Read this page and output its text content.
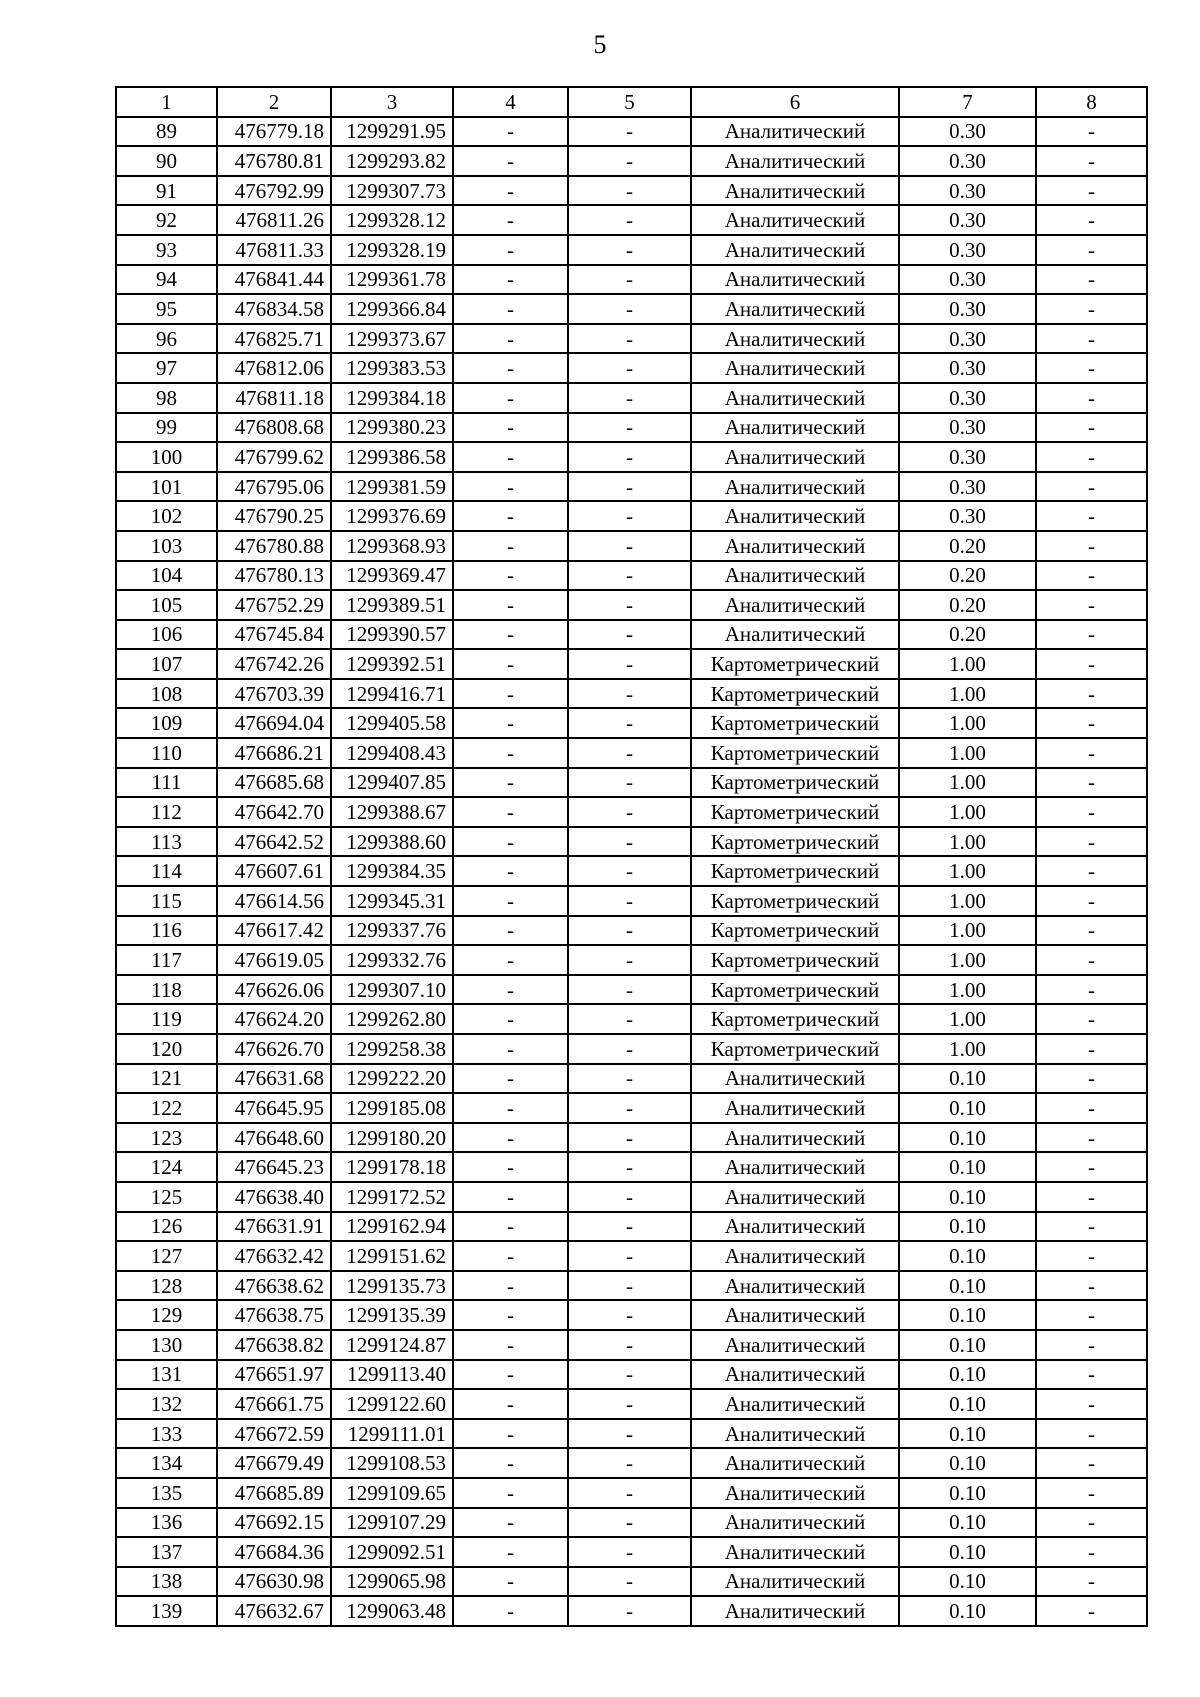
5
1	2	3	4	5	6	7	8
89	476779.18	1299291.95	-	-	Аналитический	0.30	-
90	476780.81	1299293.82	-	-	Аналитический	0.30	-
91	476792.99	1299307.73	-	-	Аналитический	0.30	-
92	476811.26	1299328.12	-	-	Аналитический	0.30	-
93	476811.33	1299328.19	-	-	Аналитический	0.30	-
94	476841.44	1299361.78	-	-	Аналитический	0.30	-
95	476834.58	1299366.84	-	-	Аналитический	0.30	-
96	476825.71	1299373.67	-	-	Аналитический	0.30	-
97	476812.06	1299383.53	-	-	Аналитический	0.30	-
98	476811.18	1299384.18	-	-	Аналитический	0.30	-
99	476808.68	1299380.23	-	-	Аналитический	0.30	-
100	476799.62	1299386.58	-	-	Аналитический	0.30	-
101	476795.06	1299381.59	-	-	Аналитический	0.30	-
102	476790.25	1299376.69	-	-	Аналитический	0.30	-
103	476780.88	1299368.93	-	-	Аналитический	0.20	-
104	476780.13	1299369.47	-	-	Аналитический	0.20	-
105	476752.29	1299389.51	-	-	Аналитический	0.20	-
106	476745.84	1299390.57	-	-	Аналитический	0.20	-
107	476742.26	1299392.51	-	-	Картометрический	1.00	-
108	476703.39	1299416.71	-	-	Картометрический	1.00	-
109	476694.04	1299405.58	-	-	Картометрический	1.00	-
110	476686.21	1299408.43	-	-	Картометрический	1.00	-
111	476685.68	1299407.85	-	-	Картометрический	1.00	-
112	476642.70	1299388.67	-	-	Картометрический	1.00	-
113	476642.52	1299388.60	-	-	Картометрический	1.00	-
114	476607.61	1299384.35	-	-	Картометрический	1.00	-
115	476614.56	1299345.31	-	-	Картометрический	1.00	-
116	476617.42	1299337.76	-	-	Картометрический	1.00	-
117	476619.05	1299332.76	-	-	Картометрический	1.00	-
118	476626.06	1299307.10	-	-	Картометрический	1.00	-
119	476624.20	1299262.80	-	-	Картометрический	1.00	-
120	476626.70	1299258.38	-	-	Картометрический	1.00	-
121	476631.68	1299222.20	-	-	Аналитический	0.10	-
122	476645.95	1299185.08	-	-	Аналитический	0.10	-
123	476648.60	1299180.20	-	-	Аналитический	0.10	-
124	476645.23	1299178.18	-	-	Аналитический	0.10	-
125	476638.40	1299172.52	-	-	Аналитический	0.10	-
126	476631.91	1299162.94	-	-	Аналитический	0.10	-
127	476632.42	1299151.62	-	-	Аналитический	0.10	-
128	476638.62	1299135.73	-	-	Аналитический	0.10	-
129	476638.75	1299135.39	-	-	Аналитический	0.10	-
130	476638.82	1299124.87	-	-	Аналитический	0.10	-
131	476651.97	1299113.40	-	-	Аналитический	0.10	-
132	476661.75	1299122.60	-	-	Аналитический	0.10	-
133	476672.59	1299111.01	-	-	Аналитический	0.10	-
134	476679.49	1299108.53	-	-	Аналитический	0.10	-
135	476685.89	1299109.65	-	-	Аналитический	0.10	-
136	476692.15	1299107.29	-	-	Аналитический	0.10	-
137	476684.36	1299092.51	-	-	Аналитический	0.10	-
138	476630.98	1299065.98	-	-	Аналитический	0.10	-
139	476632.67	1299063.48	-	-	Аналитический	0.10	-
